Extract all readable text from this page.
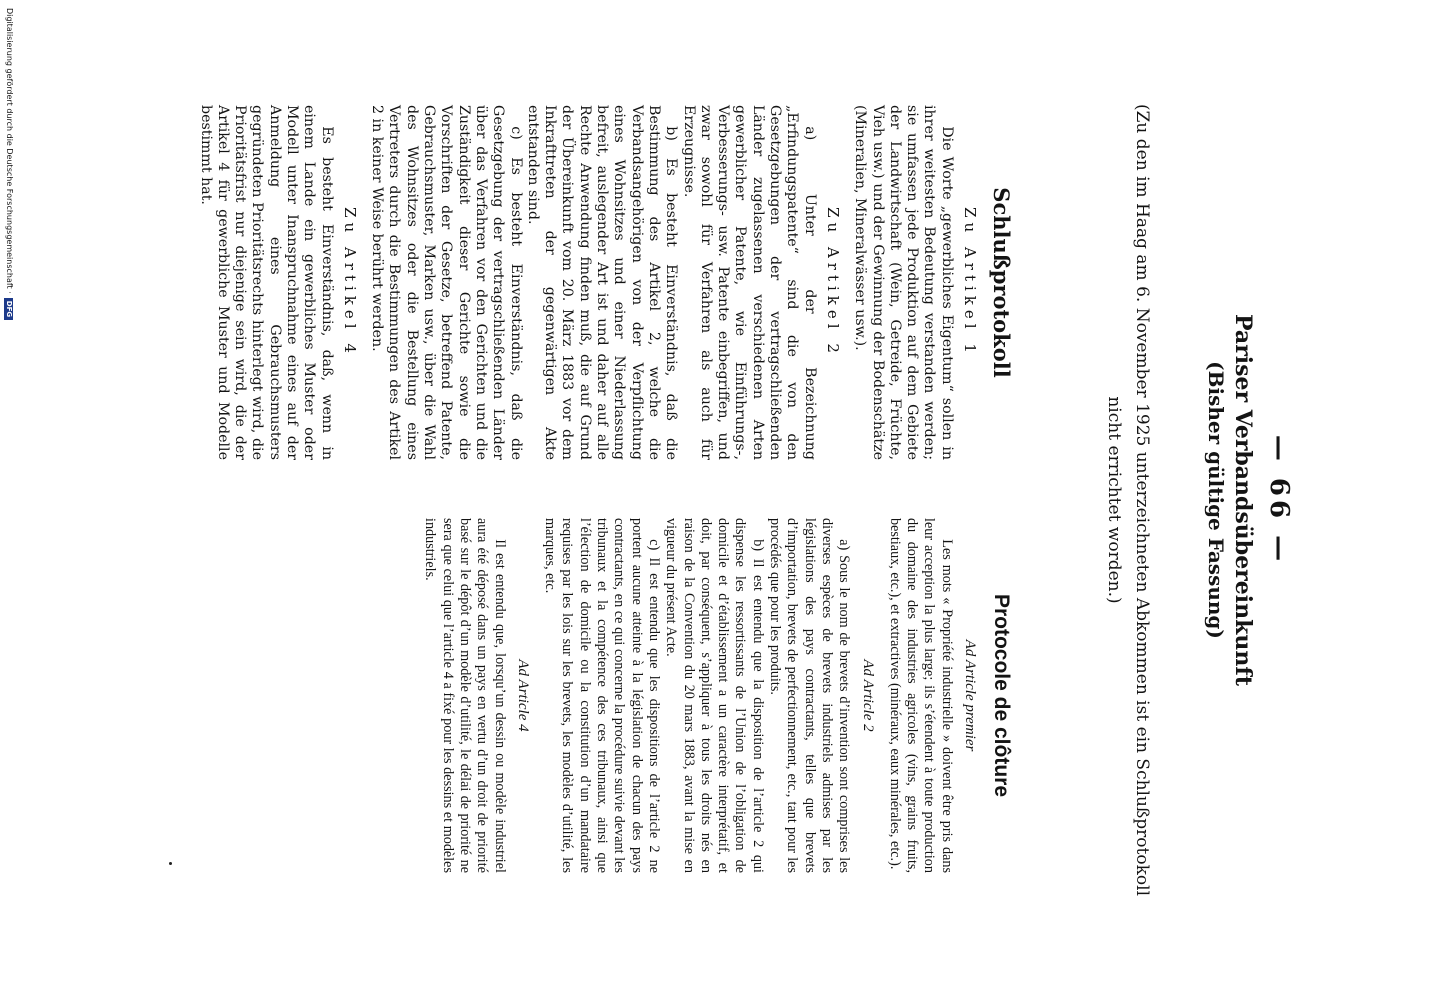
— 66 —
Pariser Verbandsübereinkunft
(Bisher gültige Fassung)
(Zu den im Haag am 6. November 1925 unterzeichneten Abkommen ist ein Schlußprotokoll
nicht errichtet worden.)
Schlußprotokoll
Zu Artikel 1

Die Worte „gewerbliches Eigentum“ sollen in ihrer weitesten Bedeutung verstanden werden; sie umfassen jede Produktion auf dem Gebiete der Landwirtschaft (Wein, Getreide, Früchte, Vieh usw.) und der Gewinnung der Bodenschätze (Mineralien, Mineralwässer usw.).

Zu Artikel 2

a) Unter der Bezeichnung „Erfindungspatente“ sind die von den Gesetzgebungen der vertragschließenden Länder zugelassenen verschiedenen Arten gewerblicher Patente, wie Einführungs-, Verbesserungs- usw. Patente einbegriffen, und zwar sowohl für Verfahren als auch für Erzeugnisse.

b) Es besteht Einverständnis, daß die Bestimmung des Artikel 2, welche die Verbandsangehörigen von der Verpflichtung eines Wohnsitzes und einer Niederlassung befreit, auslegender Art ist und daher auf alle Rechte Anwendung finden muß, die auf Grund der Übereinkunft vom 20. März 1883 vor dem Inkrafttreten der gegenwärtigen Akte entstanden sind.

c) Es besteht Einverständnis, daß die Gesetzgebung der vertragschließenden Länder über das Verfahren vor den Gerichten und die Zuständigkeit dieser Gerichte sowie die Vorschriften der Gesetze, betreffend Patente, Gebrauchsmuster, Marken usw., über die Wahl des Wohnsitzes oder die Bestellung eines Vertreters durch die Bestimmungen des Artikel 2 in keiner Weise berührt werden.

Zu Artikel 4

Es besteht Einverständnis, daß, wenn in einem Lande ein gewerbliches Muster oder Modell unter Inanspruchnahme eines auf der Anmeldung eines Gebrauchsmusters gegründeten Prioritätsrechts hinterlegt wird, die Prioritätsfrist nur diejenige sein wird, die der Artikel 4 für gewerbliche Muster und Modelle bestimmt hat.

Protocole de clôture
Ad Article premier

Les mots « Propriété industrielle » doivent être pris dans leur acception la plus large; ils s’étendent à toute production du domaine des industries agricoles (vins, grains fruits, bestiaux, etc.), et extractives (minéraux, eaux minérales, etc.).

Ad Article 2

a) Sous le nom de brevets d’invention sont comprises les diverses espèces de brevets industriels admises par les législations des pays contractants, telles que brevets d’importation, brevets de perfectionnement, etc., tant pour les procédés que pour les produits.

b) Il est entendu que la disposition de l’article 2 qui dispense les ressortissants de l’Union de l’obligation de domicile et d’établissement a un caractère interprétatif, et doit, par conséquent, s’appliquer à tous les droits nés en raison de la Convention du 20 mars 1883, avant la mise en vigueur du présent Acte.

c) Il est entendu que les dispositions de l’article 2 ne portent aucune atteinte à la législation de chacun des pays contractants, en ce qui concerne la procédure suivie devant les tribunaux et la compétence des ces tribunaux, ainsi que l’élection de domicile ou la constitution d’un mandataire requises par les lois sur les brevets, les modèles d’utilité, les marques, etc.

Ad Article 4

Il est entendu que, lorsqu’un dessin ou modèle industriel aura été déposé dans un pays en vertu d’un droit de priorité basé sur le dépôt d’un modèle d’utilité, le délai de priorité ne sera que celui que l’article 4 a fixé pour les dessins et modèles industriels.

Digitalisierung gefördert durch die Deutsche Forschungsgemeinschaft ·
DFG
